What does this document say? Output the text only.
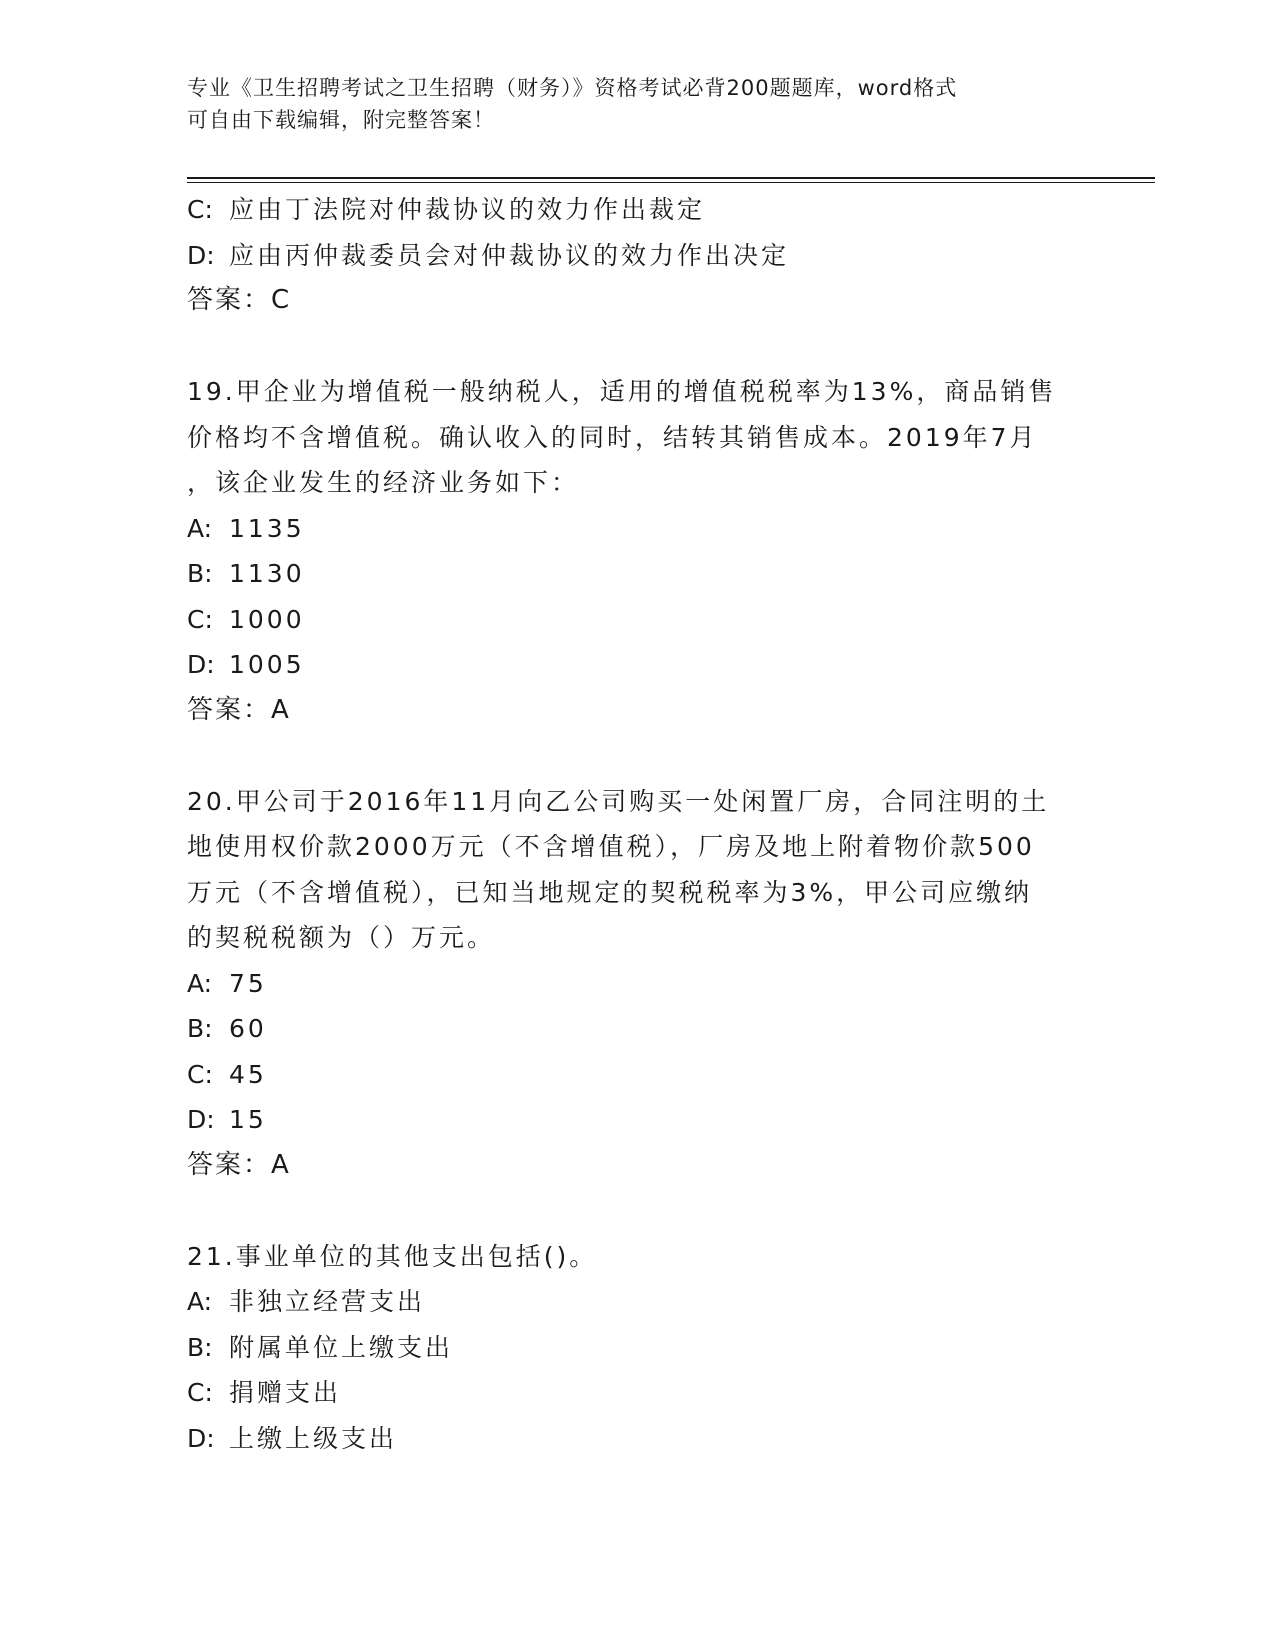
专业《卫生招聘考试之卫生招聘（财务）》资格考试必背200题题库，word格式
可自由下载编辑，附完整答案！
C: 应由丁法院对仲裁协议的效力作出裁定
D: 应由丙仲裁委员会对仲裁协议的效力作出决定
答案：C
19.甲企业为增值税一般纳税人，适用的增值税税率为13%，商品销售
价格均不含增值税。确认收入的同时，结转其销售成本。2019年7月
，该企业发生的经济业务如下：
A: 1135
B: 1130
C: 1000
D: 1005
答案：A
20.甲公司于2016年11月向乙公司购买一处闲置厂房，合同注明的土
地使用权价款2000万元（不含增值税），厂房及地上附着物价款500
万元（不含增值税），已知当地规定的契税税率为3%，甲公司应缴纳
的契税税额为（）万元。
A: 75
B: 60
C: 45
D: 15
答案：A
21.事业单位的其他支出包括()。
A: 非独立经营支出
B: 附属单位上缴支出
C: 捐赠支出
D: 上缴上级支出
